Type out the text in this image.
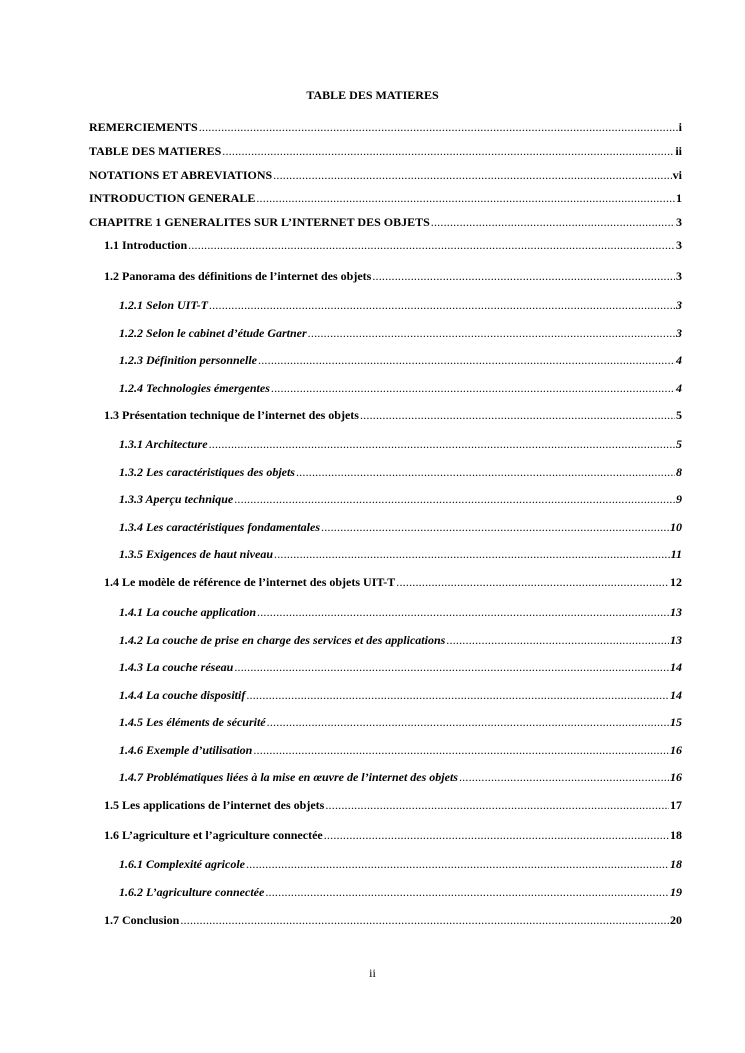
TABLE DES MATIERES
REMERCIEMENTS .....	i
TABLE DES MATIERES .....	ii
NOTATIONS ET ABREVIATIONS .....	vi
INTRODUCTION GENERALE .....	1
CHAPITRE 1 GENERALITES SUR L’INTERNET DES OBJETS .....	3
1.1 Introduction .....	3
1.2 Panorama des définitions de l’internet des objets .....	3
1.2.1 Selon UIT-T .....	3
1.2.2 Selon le cabinet d’étude Gartner .....	3
1.2.3 Définition personnelle .....	4
1.2.4 Technologies émergentes .....	4
1.3 Présentation technique de l’internet des objets .....	5
1.3.1 Architecture .....	5
1.3.2 Les caractéristiques des objets .....	8
1.3.3 Aperçu technique .....	9
1.3.4 Les caractéristiques fondamentales .....	10
1.3.5 Exigences de haut niveau .....	11
1.4 Le modèle de référence de l’internet des objets UIT-T .....	12
1.4.1 La couche application .....	13
1.4.2 La couche de prise en charge des services et des applications .....	13
1.4.3 La couche réseau .....	14
1.4.4 La couche dispositif .....	14
1.4.5 Les éléments de sécurité .....	15
1.4.6 Exemple d’utilisation .....	16
1.4.7 Problématiques liées à la mise en œuvre de l’internet des objets .....	16
1.5 Les applications de l’internet des objets .....	17
1.6 L’agriculture et l’agriculture connectée .....	18
1.6.1 Complexité agricole .....	18
1.6.2 L’agriculture connectée .....	19
1.7 Conclusion .....	20
ii
